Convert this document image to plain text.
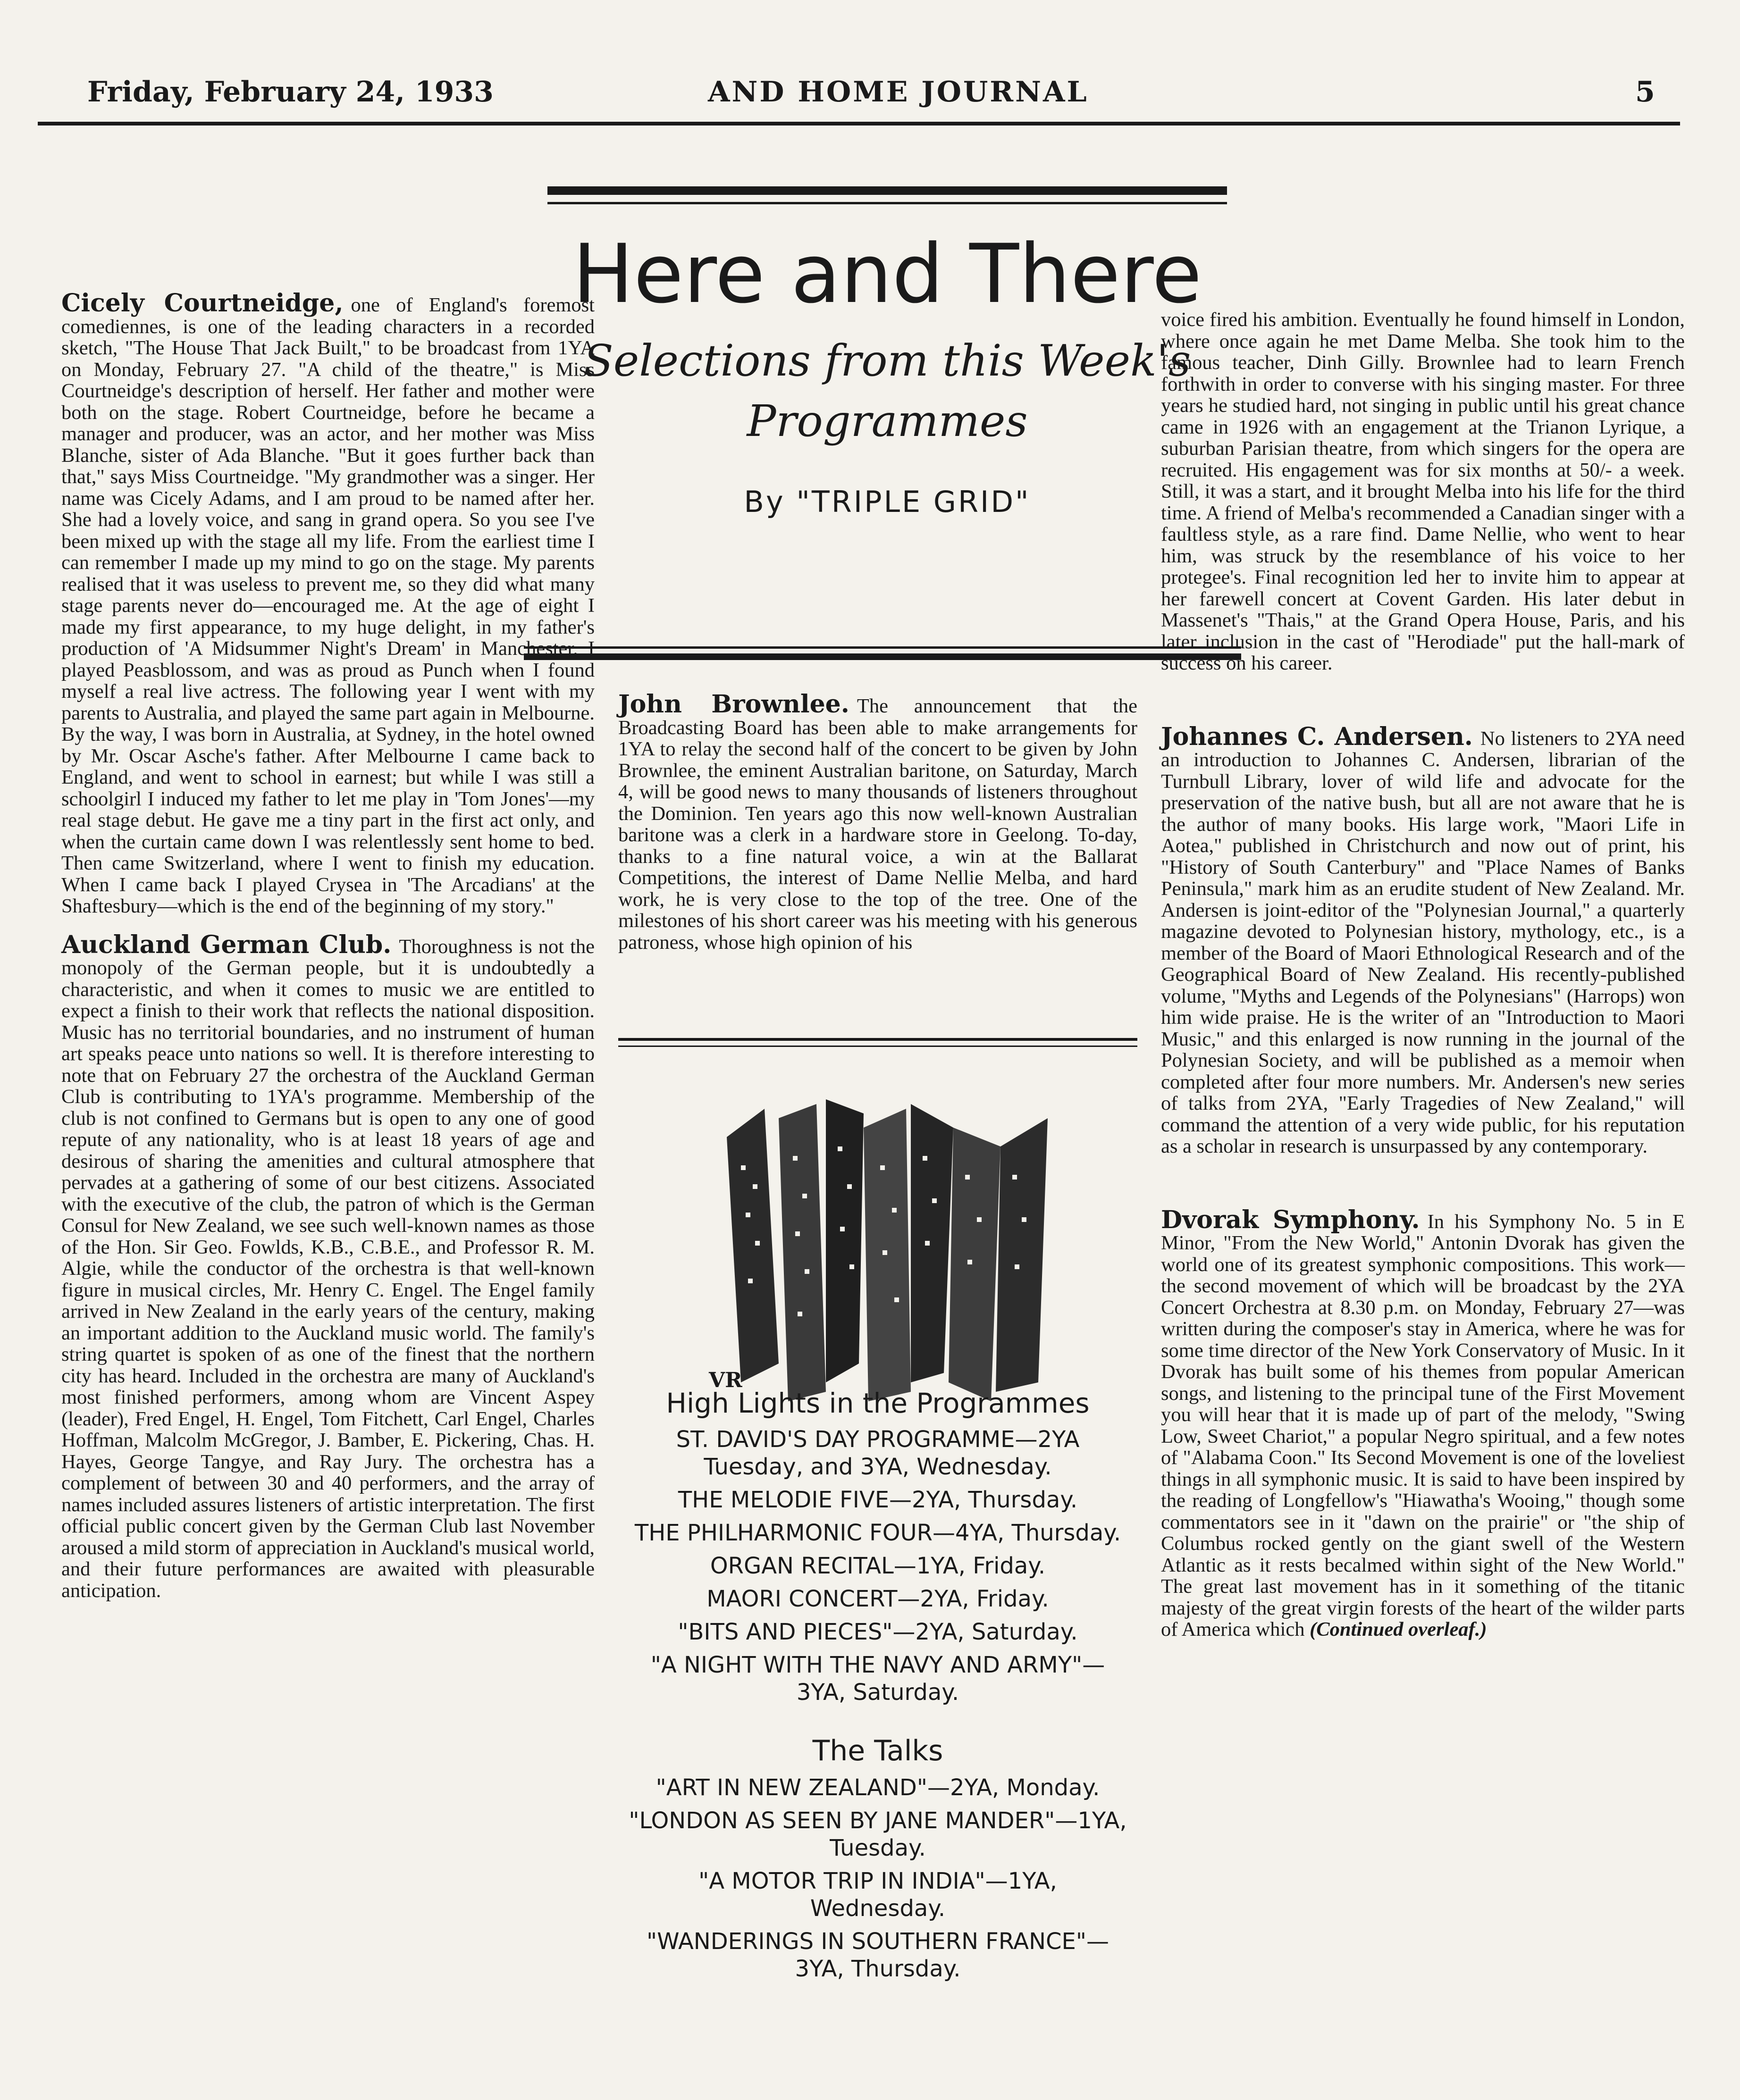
Friday, February 24, 1933	AND HOME JOURNAL	5
Here and There
Selections from this Week's Programmes
By "TRIPLE GRID"

Cicely Courtneidge, one of England's foremost comediennes, is one of the leading characters in a recorded sketch, "The House That Jack Built," to be broadcast from 1YA on Monday, February 27. "A child of the theatre," is Miss Courtneidge's description of herself. Her father and mother were both on the stage. Robert Courtneidge, before he became a manager and producer, was an actor, and her mother was Miss Blanche, sister of Ada Blanche. "But it goes further back than that," says Miss Courtneidge. "My grandmother was a singer. Her name was Cicely Adams, and I am proud to be named after her. She had a lovely voice, and sang in grand opera. So you see I've been mixed up with the stage all my life. From the earliest time I can remember I made up my mind to go on the stage. My parents realised that it was useless to prevent me, so they did what many stage parents never do—encouraged me. At the age of eight I made my first appearance, to my huge delight, in my father's production of 'A Midsummer Night's Dream' in Manchester. I played Peasblossom, and was as proud as Punch when I found myself a real live actress. The following year I went with my parents to Australia, and played the same part again in Melbourne. By the way, I was born in Australia, at Sydney, in the hotel owned by Mr. Oscar Asche's father. After Melbourne I came back to England, and went to school in earnest; but while I was still a schoolgirl I induced my father to let me play in 'Tom Jones'—my real stage debut. He gave me a tiny part in the first act only, and when the curtain came down I was relentlessly sent home to bed. Then came Switzerland, where I went to finish my education. When I came back I played Crysea in 'The Arcadians' at the Shaftesbury—which is the end of the beginning of my story."

Auckland German Club. Thoroughness is not the monopoly of the German people, but it is undoubtedly a characteristic, and when it comes to music we are entitled to expect a finish to their work that reflects the national disposition. Music has no territorial boundaries, and no instrument of human art speaks peace unto nations so well. It is therefore interesting to note that on February 27 the orchestra of the Auckland German Club is contributing to 1YA's programme. Membership of the club is not confined to Germans but is open to any one of good repute of any nationality, who is at least 18 years of age and desirous of sharing the amenities and cultural atmosphere that pervades at a gathering of some of our best citizens. Associated with the executive of the club, the patron of which is the German Consul for New Zealand, we see such well-known names as those of the Hon. Sir Geo. Fowlds, K.B., C.B.E., and Professor R. M. Algie, while the conductor of the orchestra is that well-known figure in musical circles, Mr. Henry C. Engel. The Engel family arrived in New Zealand in the early years of the century, making an important addition to the Auckland music world. The family's string quartet is spoken of as one of the finest that the northern city has heard. Included in the orchestra are many of Auckland's most finished performers, among whom are Vincent Aspey (leader), Fred Engel, H. Engel, Tom Fitchett, Carl Engel, Charles Hoffman, Malcolm McGregor, J. Bamber, E. Pickering, Chas. H. Hayes, George Tangye, and Ray Jury. The orchestra has a complement of between 30 and 40 performers, and the array of names included assures listeners of artistic interpretation. The first official public concert given by the German Club last November aroused a mild storm of appreciation in Auckland's musical world, and their future performances are awaited with pleasurable anticipation.

John Brownlee. The announcement that the Broadcasting Board has been able to make arrangements for 1YA to relay the second half of the concert to be given by John Brownlee, the eminent Australian baritone, on Saturday, March 4, will be good news to many thousands of listeners throughout the Dominion. Ten years ago this now well-known Australian baritone was a clerk in a hardware store in Geelong. To-day, thanks to a fine natural voice, a win at the Ballarat Competitions, the interest of Dame Nellie Melba, and hard work, he is very close to the top of the tree. One of the milestones of his short career was his meeting with his generous patroness, whose high opinion of his

VR
High Lights in the Programmes
ST. DAVID'S DAY PROGRAMME—2YA Tuesday, and 3YA, Wednesday.
THE MELODIE FIVE—2YA, Thursday.
THE PHILHARMONIC FOUR—4YA, Thursday.
ORGAN RECITAL—1YA, Friday.
MAORI CONCERT—2YA, Friday.
"BITS AND PIECES"—2YA, Saturday.
"A NIGHT WITH THE NAVY AND ARMY"—3YA, Saturday.
The Talks
"ART IN NEW ZEALAND"—2YA, Monday.
"LONDON AS SEEN BY JANE MANDER"—1YA, Tuesday.
"A MOTOR TRIP IN INDIA"—1YA, Wednesday.
"WANDERINGS IN SOUTHERN FRANCE"—3YA, Thursday.

voice fired his ambition. Eventually he found himself in London, where once again he met Dame Melba. She took him to the famous teacher, Dinh Gilly. Brownlee had to learn French forthwith in order to converse with his singing master. For three years he studied hard, not singing in public until his great chance came in 1926 with an engagement at the Trianon Lyrique, a suburban Parisian theatre, from which singers for the opera are recruited. His engagement was for six months at 50/- a week. Still, it was a start, and it brought Melba into his life for the third time. A friend of Melba's recommended a Canadian singer with a faultless style, as a rare find. Dame Nellie, who went to hear him, was struck by the resemblance of his voice to her protegee's. Final recognition led her to invite him to appear at her farewell concert at Covent Garden. His later debut in Massenet's "Thais," at the Grand Opera House, Paris, and his later inclusion in the cast of "Herodiade" put the hall-mark of success on his career.

Johannes C. Andersen. No listeners to 2YA need an introduction to Johannes C. Andersen, librarian of the Turnbull Library, lover of wild life and advocate for the preservation of the native bush, but all are not aware that he is the author of many books. His large work, "Maori Life in Aotea," published in Christchurch and now out of print, his "History of South Canterbury" and "Place Names of Banks Peninsula," mark him as an erudite student of New Zealand. Mr. Andersen is joint-editor of the "Polynesian Journal," a quarterly magazine devoted to Polynesian history, mythology, etc., is a member of the Board of Maori Ethnological Research and of the Geographical Board of New Zealand. His recently-published volume, "Myths and Legends of the Polynesians" (Harrops) won him wide praise. He is the writer of an "Introduction to Maori Music," and this enlarged is now running in the journal of the Polynesian Society, and will be published as a memoir when completed after four more numbers. Mr. Andersen's new series of talks from 2YA, "Early Tragedies of New Zealand," will command the attention of a very wide public, for his reputation as a scholar in research is unsurpassed by any contemporary.

Dvorak Symphony. In his Symphony No. 5 in E Minor, "From the New World," Antonin Dvorak has given the world one of its greatest symphonic compositions. This work—the second movement of which will be broadcast by the 2YA Concert Orchestra at 8.30 p.m. on Monday, February 27—was written during the composer's stay in America, where he was for some time director of the New York Conservatory of Music. In it Dvorak has built some of his themes from popular American songs, and listening to the principal tune of the First Movement you will hear that it is made up of part of the melody, "Swing Low, Sweet Chariot," a popular Negro spiritual, and a few notes of "Alabama Coon." Its Second Movement is one of the loveliest things in all symphonic music. It is said to have been inspired by the reading of Longfellow's "Hiawatha's Wooing," though some commentators see in it "dawn on the prairie" or "the ship of Columbus rocked gently on the giant swell of the Western Atlantic as it rests becalmed within sight of the New World." The great last movement has in it something of the titanic majesty of the great virgin forests of the heart of the wilder parts of America which (Continued overleaf.)
